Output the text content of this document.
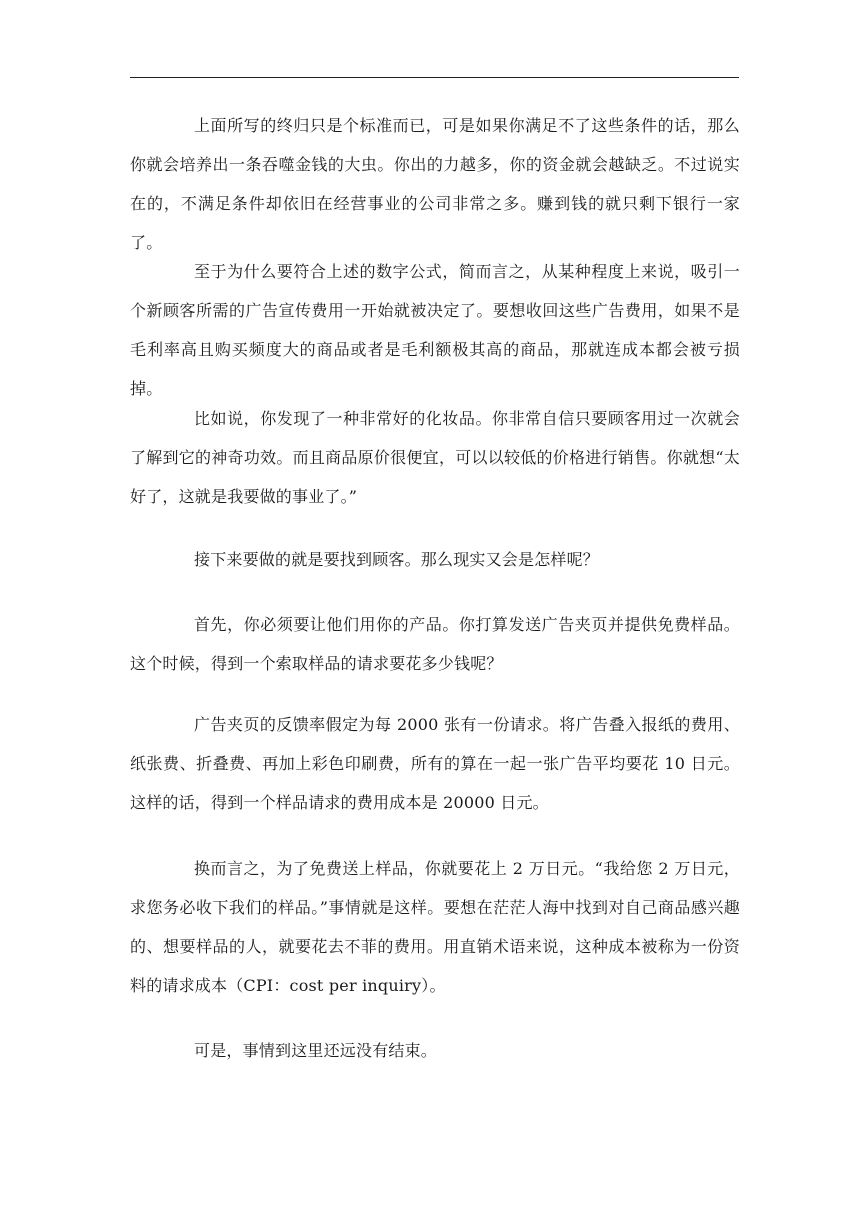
上面所写的终归只是个标准而已，可是如果你满足不了这些条件的话，那么你就会培养出一条吞噬金钱的大虫。你出的力越多，你的资金就会越缺乏。不过说实在的，不满足条件却依旧在经营事业的公司非常之多。赚到钱的就只剩下银行一家了。

至于为什么要符合上述的数字公式，简而言之，从某种程度上来说，吸引一个新顾客所需的广告宣传费用一开始就被决定了。要想收回这些广告费用，如果不是毛利率高且购买频度大的商品或者是毛利额极其高的商品，那就连成本都会被亏损掉。

比如说，你发现了一种非常好的化妆品。你非常自信只要顾客用过一次就会了解到它的神奇功效。而且商品原价很便宜，可以以较低的价格进行销售。你就想“太好了，这就是我要做的事业了。”

接下来要做的就是要找到顾客。那么现实又会是怎样呢？

首先，你必须要让他们用你的产品。你打算发送广告夹页并提供免费样品。这个时候，得到一个索取样品的请求要花多少钱呢？

广告夹页的反馈率假定为每 2000 张有一份请求。将广告叠入报纸的费用、纸张费、折叠费、再加上彩色印刷费，所有的算在一起一张广告平均要花 10 日元。这样的话，得到一个样品请求的费用成本是 20000 日元。

换而言之，为了免费送上样品，你就要花上 2 万日元。“我给您 2 万日元，求您务必收下我们的样品。”事情就是这样。要想在茫茫人海中找到对自己商品感兴趣的、想要样品的人，就要花去不菲的费用。用直销术语来说，这种成本被称为一份资料的请求成本（CPI：cost per inquiry）。

可是，事情到这里还远没有结束。
